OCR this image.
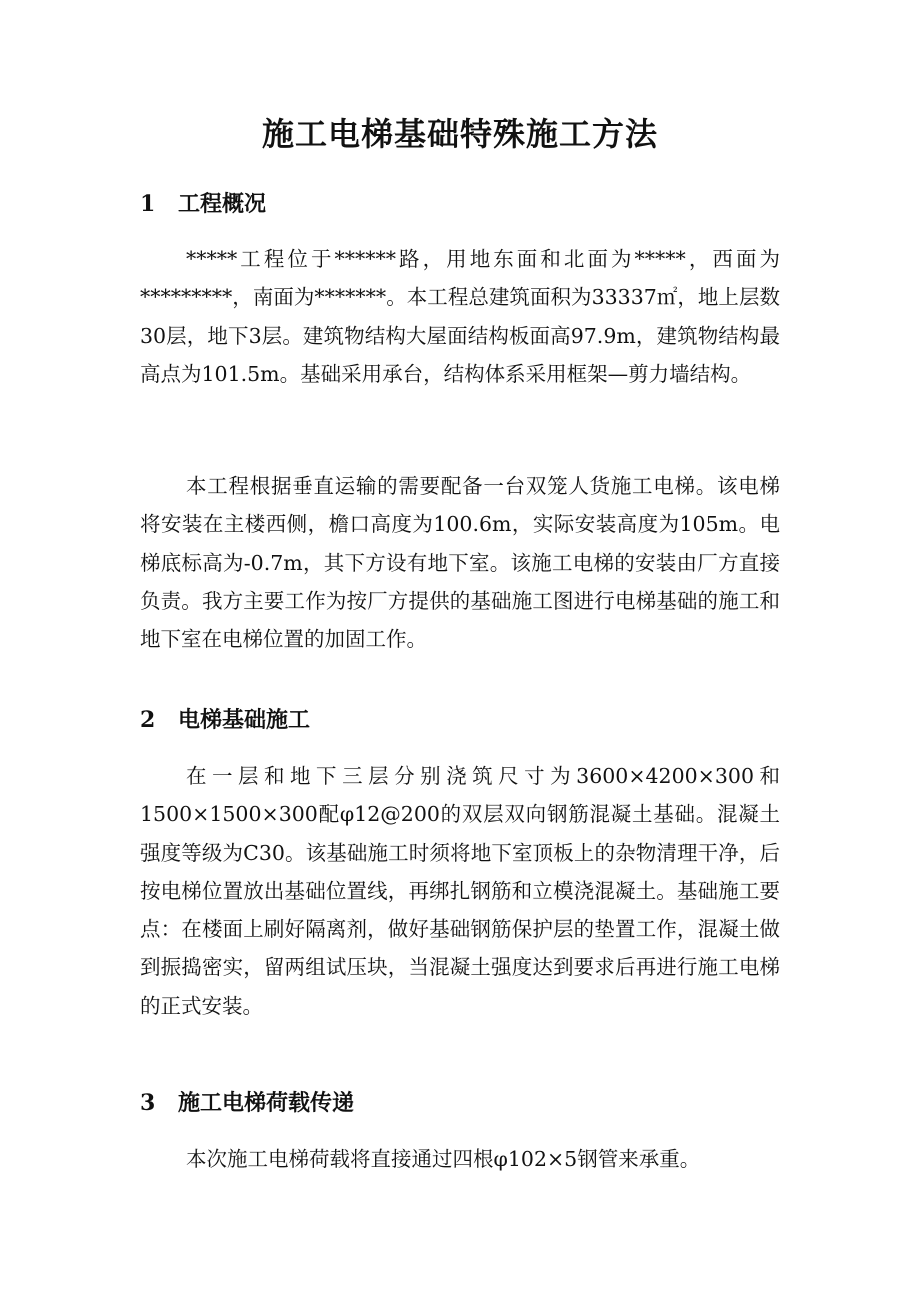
施工电梯基础特殊施工方法
1 工程概况

*****工程位于******路，用地东面和北面为*****，西面为*********，南面为*******。本工程总建筑面积为33337㎡，地上层数30层，地下3层。建筑物结构大屋面结构板面高97.9m，建筑物结构最高点为101.5m。基础采用承台，结构体系采用框架—剪力墙结构。

本工程根据垂直运输的需要配备一台双笼人货施工电梯。该电梯将安装在主楼西侧，檐口高度为100.6m，实际安装高度为105m。电梯底标高为-0.7m，其下方设有地下室。该施工电梯的安装由厂方直接负责。我方主要工作为按厂方提供的基础施工图进行电梯基础的施工和地下室在电梯位置的加固工作。

2 电梯基础施工

在一层和地下三层分别浇筑尺寸为3600×4200×300和1500×1500×300配φ12@200的双层双向钢筋混凝土基础。混凝土强度等级为C30。该基础施工时须将地下室顶板上的杂物清理干净，后按电梯位置放出基础位置线，再绑扎钢筋和立模浇混凝土。基础施工要点：在楼面上刷好隔离剂，做好基础钢筋保护层的垫置工作，混凝土做到振捣密实，留两组试压块，当混凝土强度达到要求后再进行施工电梯的正式安装。

3 施工电梯荷载传递

本次施工电梯荷载将直接通过四根φ102×5钢管来承重。
